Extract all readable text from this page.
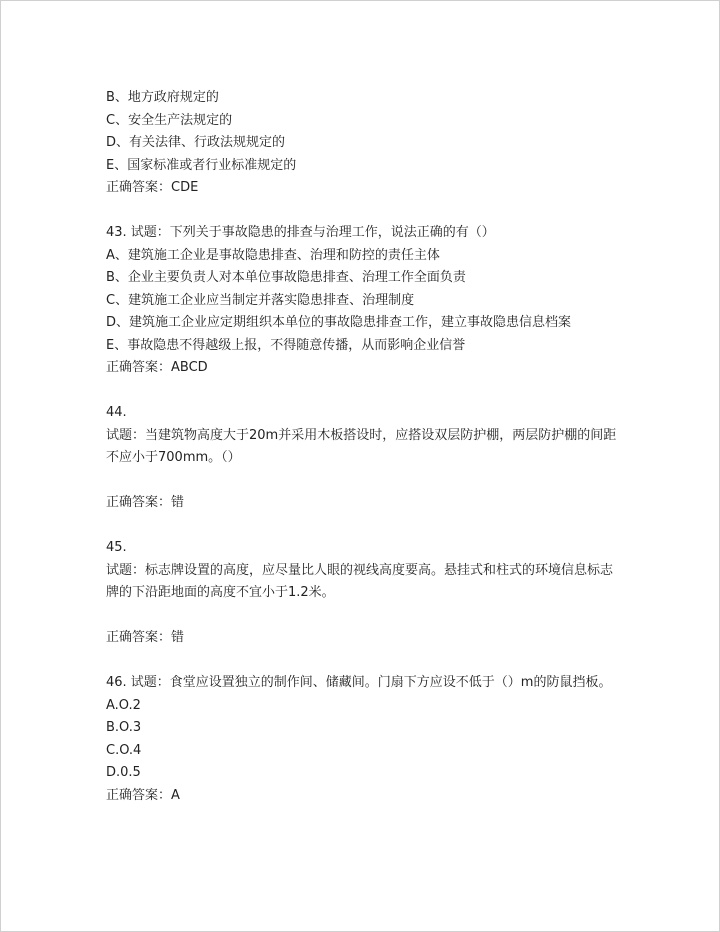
B、地方政府规定的
C、安全生产法规定的
D、有关法律、行政法规规定的
E、国家标准或者行业标准规定的
正确答案：CDE
43. 试题：下列关于事故隐患的排查与治理工作，说法正确的有（）
A、建筑施工企业是事故隐患排查、治理和防控的责任主体
B、企业主要负责人对本单位事故隐患排查、治理工作全面负责
C、建筑施工企业应当制定并落实隐患排查、治理制度
D、建筑施工企业应定期组织本单位的事故隐患排查工作，建立事故隐患信息档案
E、事故隐患不得越级上报，不得随意传播，从而影响企业信誉
正确答案：ABCD
44.
试题：当建筑物高度大于20m并采用木板搭设时，应搭设双层防护棚，两层防护棚的间距
不应小于700mm。（）
正确答案：错
45.
试题：标志牌设置的高度，应尽量比人眼的视线高度要高。悬挂式和柱式的环境信息标志
牌的下沿距地面的高度不宜小于1.2米。
正确答案：错
46. 试题：食堂应设置独立的制作间、储藏间。门扇下方应设不低于（）m的防鼠挡板。
A.O.2
B.O.3
C.O.4
D.0.5
正确答案：A
